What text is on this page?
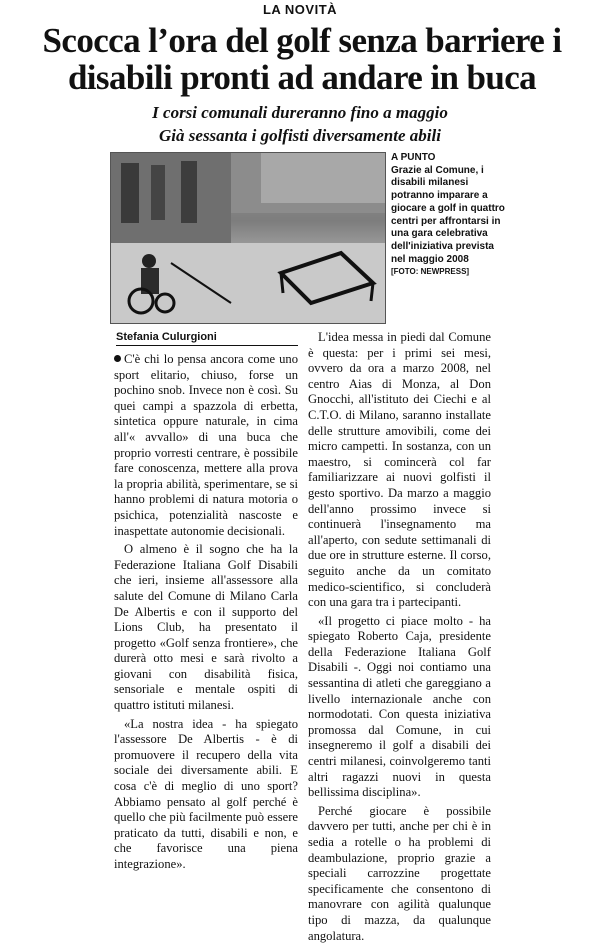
LA NOVITÀ
Scocca l’ora del golf senza barriere i disabili pronti ad andare in buca
I corsi comunali dureranno fino a maggio
Già sessanta i golfisti diversamente abili
A PUNTO
Grazie al Comune, i disabili milanesi potranno imparare a giocare a golf in quattro centri per affrontarsi in una gara celebrativa dell'iniziativa prevista nel maggio 2008
[FOTO: NEWPRESS]
Stefania Culurgioni

C'è chi lo pensa ancora come uno sport elitario, chiuso, forse un pochino snob. Invece non è così. Su quei campi a spazzola di erbetta, sintetica oppure naturale, in cima all'« avvallo» di una buca che proprio vorresti centrare, è possibile fare conoscenza, mettere alla prova la propria abilità, sperimentare, se si hanno problemi di natura motoria o psichica, potenzialità nascoste e inaspettate autonomie decisionali.

O almeno è il sogno che ha la Federazione Italiana Golf Disabili che ieri, insieme all'assessore alla salute del Comune di Milano Carla De Albertis e con il supporto del Lions Club, ha presentato il progetto «Golf senza frontiere», che durerà otto mesi e sarà rivolto a giovani con disabilità fisica, sensoriale e mentale ospiti di quattro istituti milanesi.

«La nostra idea - ha spiegato l'assessore De Albertis - è di promuovere il recupero della vita sociale dei diversamente abili. E cosa c'è di meglio di uno sport? Abbiamo pensato al golf perché è quello che più facilmente può essere praticato da tutti, disabili e non, e che favorisce una piena integrazione».

L'idea messa in piedi dal Comune è questa: per i primi sei mesi, ovvero da ora a marzo 2008, nel centro Aias di Monza, al Don Gnocchi, all'istituto dei Ciechi e al C.T.O. di Milano, saranno installate delle strutture amovibili, come dei micro campetti. In sostanza, con un maestro, si comincerà col far familiarizzare ai nuovi golfisti il gesto sportivo. Da marzo a maggio dell'anno prossimo invece si continuerà l'insegnamento ma all'aperto, con sedute settimanali di due ore in strutture esterne. Il corso, seguito anche da un comitato medico-scientifico, si concluderà con una gara tra i partecipanti.

«Il progetto ci piace molto - ha spiegato Roberto Caja, presidente della Federazione Italiana Golf Disabili -. Oggi noi contiamo una sessantina di atleti che gareggiano a livello internazionale anche con normodotati. Con questa iniziativa promossa dal Comune, in cui insegneremo il golf a disabili dei centri milanesi, coinvolgeremo tanti altri ragazzi nuovi in questa bellissima disciplina».

Perché giocare è possibile davvero per tutti, anche per chi è in sedia a rotelle o ha problemi di deambulazione, proprio grazie a speciali carrozzine progettate specificamente che consentono di manovrare con agilità qualunque tipo di mazza, da qualunque angolatura.
